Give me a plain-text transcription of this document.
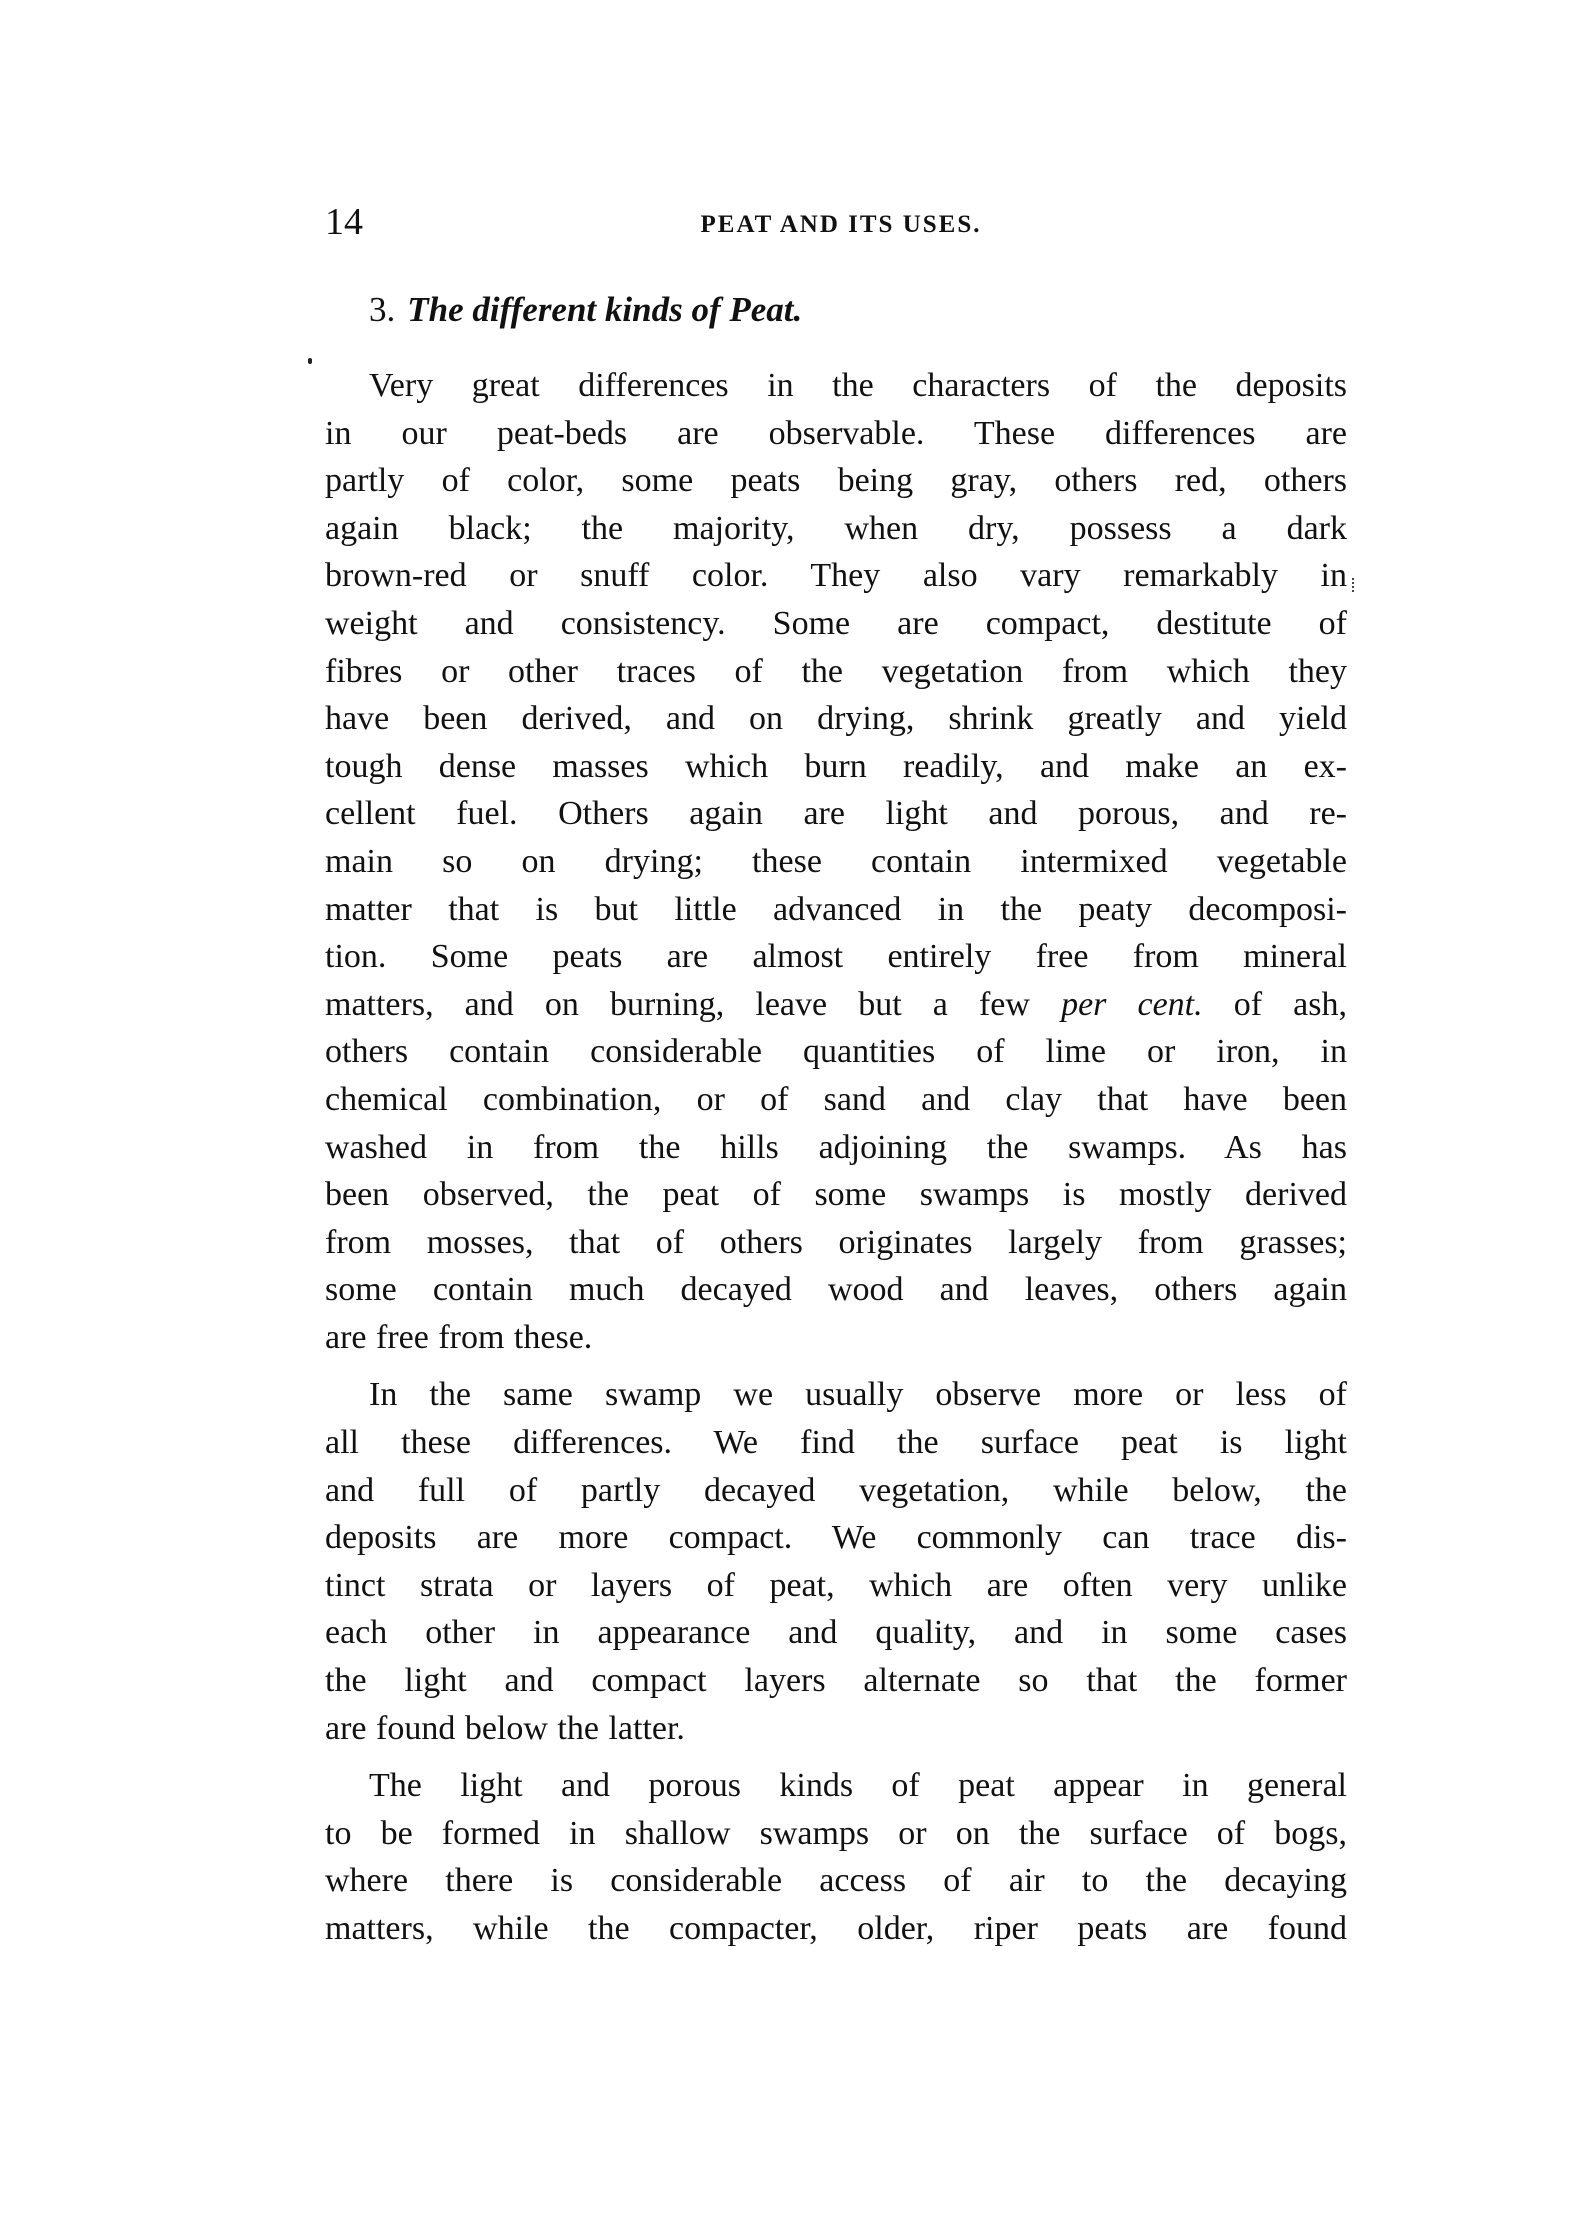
14	PEAT AND ITS USES.
3. The different kinds of Peat.

Very great differences in the characters of the deposits
in our peat-beds are observable. These differences are
partly of color, some peats being gray, others red, others
again black; the majority, when dry, possess a dark
brown-red or snuff color. They also vary remarkably in
weight and consistency. Some are compact, destitute of
fibres or other traces of the vegetation from which they
have been derived, and on drying, shrink greatly and yield
tough dense masses which burn readily, and make an ex-
cellent fuel. Others again are light and porous, and re-
main so on drying; these contain intermixed vegetable
matter that is but little advanced in the peaty decomposi-
tion. Some peats are almost entirely free from mineral
matters, and on burning, leave but a few per cent. of ash,
others contain considerable quantities of lime or iron, in
chemical combination, or of sand and clay that have been
washed in from the hills adjoining the swamps. As has
been observed, the peat of some swamps is mostly derived
from mosses, that of others originates largely from grasses;
some contain much decayed wood and leaves, others again
are free from these.

In the same swamp we usually observe more or less of
all these differences. We find the surface peat is light
and full of partly decayed vegetation, while below, the
deposits are more compact. We commonly can trace dis-
tinct strata or layers of peat, which are often very unlike
each other in appearance and quality, and in some cases
the light and compact layers alternate so that the former
are found below the latter.

The light and porous kinds of peat appear in general
to be formed in shallow swamps or on the surface of bogs,
where there is considerable access of air to the decaying
matters, while the compacter, older, riper peats are found
